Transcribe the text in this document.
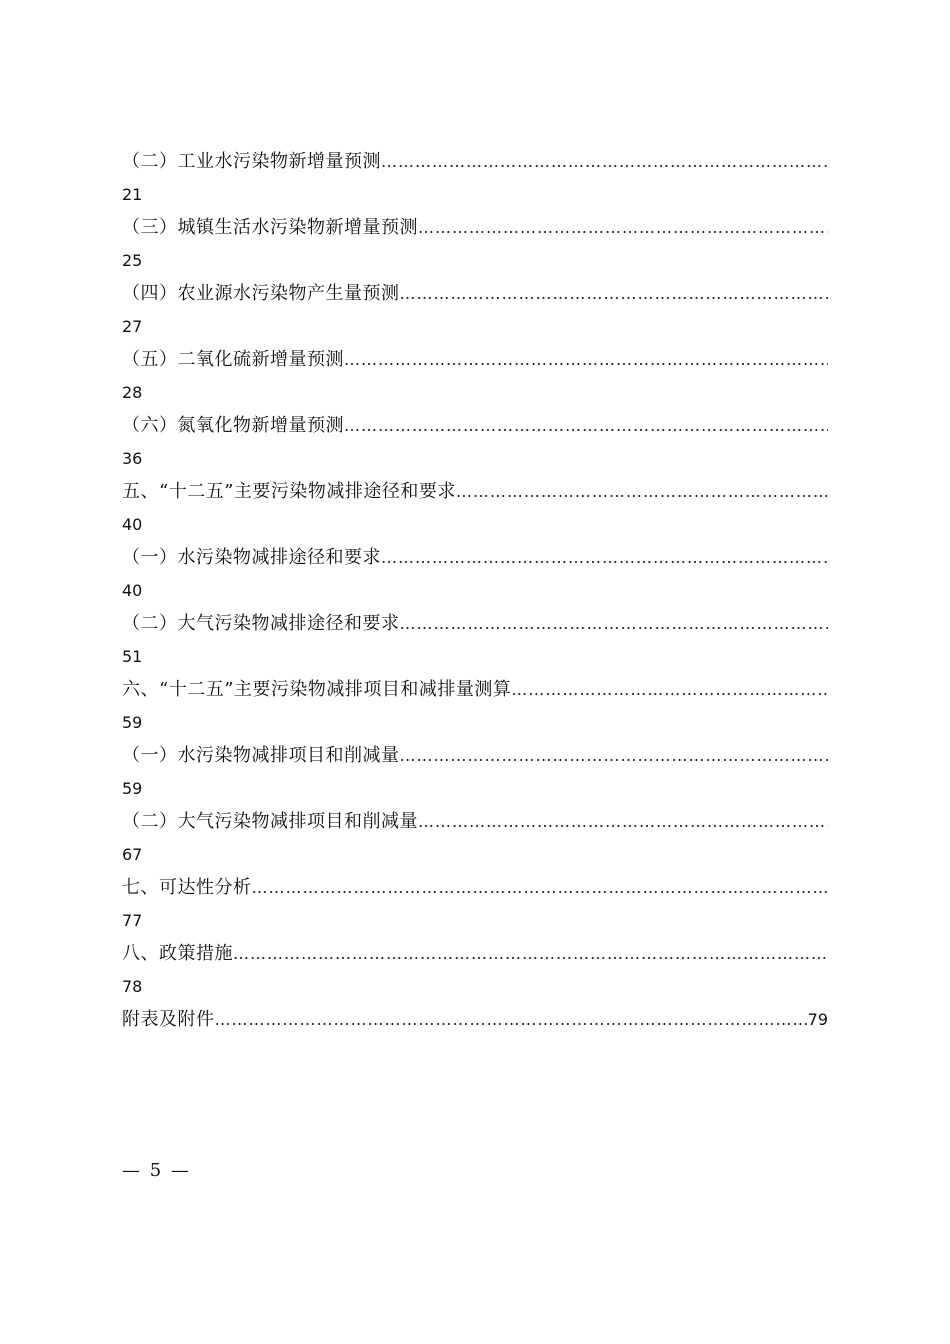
（二）工业水污染物新增量预测
…………………………………………………………………………………………………………………………………………………………………………………………………………………………………
21
（三）城镇生活水污染物新增量预测
…………………………………………………………………………………………………………………………………………………………………………………………………………………………………
25
（四）农业源水污染物产生量预测
…………………………………………………………………………………………………………………………………………………………………………………………………………………………………
27
（五）二氧化硫新增量预测
…………………………………………………………………………………………………………………………………………………………………………………………………………………………………
28
（六）氮氧化物新增量预测
…………………………………………………………………………………………………………………………………………………………………………………………………………………………………
36
五、“十二五”主要污染物减排途径和要求
…………………………………………………………………………………………………………………………………………………………………………………………………………………………………
40
（一）水污染物减排途径和要求
…………………………………………………………………………………………………………………………………………………………………………………………………………………………………
40
（二）大气污染物减排途径和要求
…………………………………………………………………………………………………………………………………………………………………………………………………………………………………
51
六、“十二五”主要污染物减排项目和减排量测算
…………………………………………………………………………………………………………………………………………………………………………………………………………………………………
59
（一）水污染物减排项目和削减量
…………………………………………………………………………………………………………………………………………………………………………………………………………………………………
59
（二）大气污染物减排项目和削减量
…………………………………………………………………………………………………………………………………………………………………………………………………………………………………
67
七、可达性分析
…………………………………………………………………………………………………………………………………………………………………………………………………………………………………
77
八、政策措施
…………………………………………………………………………………………………………………………………………………………………………………………………………………………………
78
附表及附件
…………………………………………………………………………………………………………………………………………………………………………………………………………………………………	79
— 5 —
